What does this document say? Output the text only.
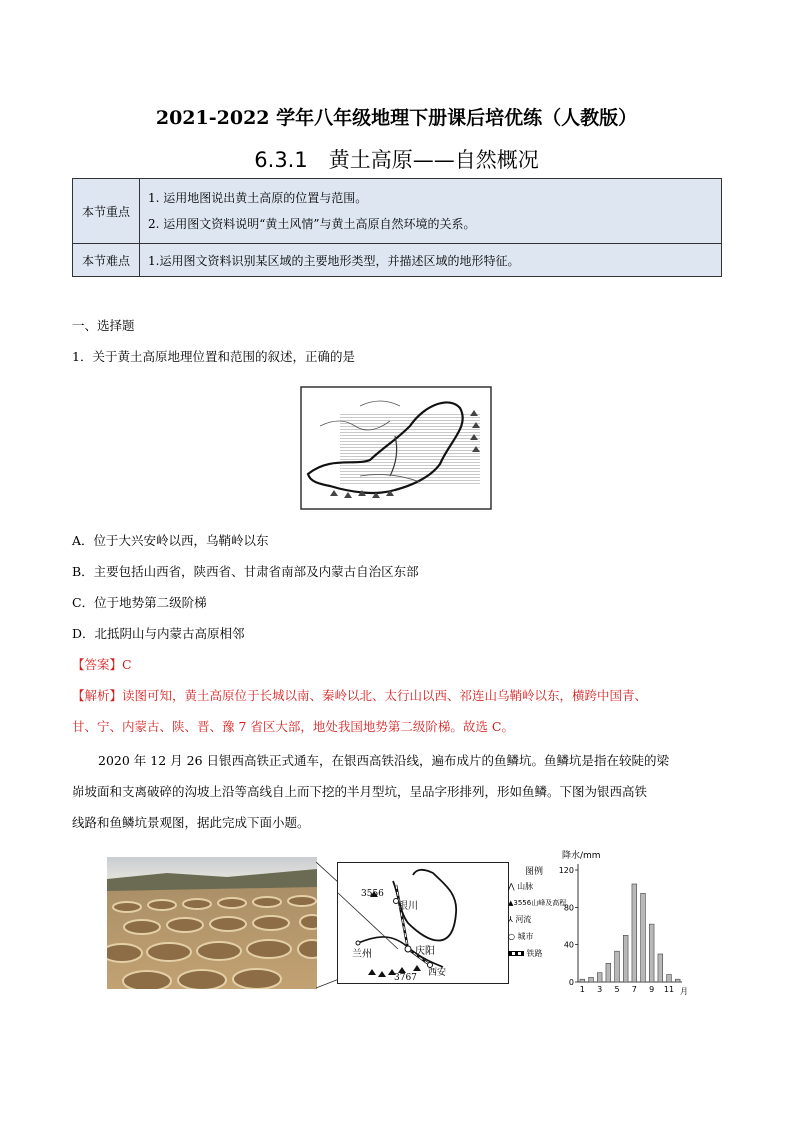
2021-2022 学年八年级地理下册课后培优练（人教版）
6.3.1　黄土高原——自然概况
本节重点	1. 运用地图说出黄土高原的位置与范围。
2. 运用图文资料说明“黄土风情”与黄土高原自然环境的关系。

本节难点	1.运用图文资料识别某区域的主要地形类型，并描述区域的地形特征。
一、选择题
1．关于黄土高原地理位置和范围的叙述，正确的是
A．位于大兴安岭以西，乌鞘岭以东
B．主要包括山西省，陕西省、甘肃省南部及内蒙古自治区东部
C．位于地势第二级阶梯
D．北抵阴山与内蒙古高原相邻
【答案】C
【解析】读图可知，黄土高原位于长城以南、秦岭以北、太行山以西、祁连山乌鞘岭以东，横跨中国青、
甘、宁、内蒙古、陕、晋、豫 7 省区大部，地处我国地势第二级阶梯。故选 C。
2020 年 12 月 26 日银西高铁正式通车，在银西高铁沿线，遍布成片的鱼鳞坑。鱼鳞坑是指在较陡的梁
峁坡面和支离破碎的沟坡上沿等高线自上而下挖的半月型坑，呈品字形排列，形如鱼鳞。下图为银西高铁
线路和鱼鳞坑景观图，据此完成下面小题。
3556
银川
兰州	庆阳
西安
3767
图例
⋀ 山脉
▲3556山峰及高程
⅄ 河流
○ 城市
铁路
降水/mm
0
40
80
120
1 3 5 7 9 11 月
